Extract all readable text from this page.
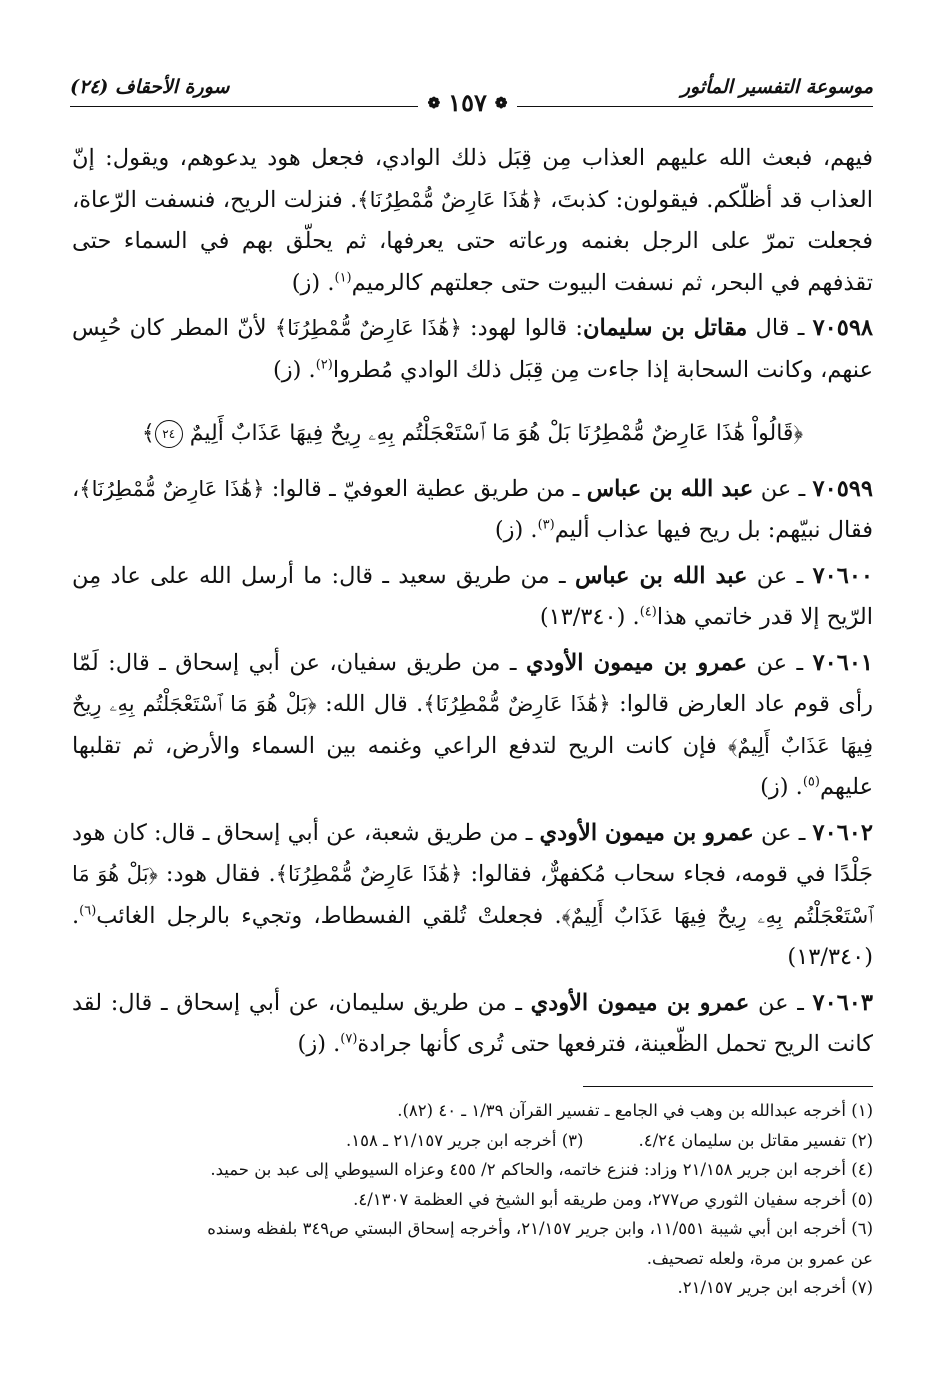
موسوعة التفسير المأثور
سورة الأحقاف (٢٤)
❁
١٥٧
❁

فيهم، فبعث الله عليهم العذاب مِن قِبَل ذلك الوادي، فجعل هود يدعوهم، ويقول: إنّ العذاب قد أظلّكم. فيقولون: كذبتَ، ﴿هَٰذَا عَارِضٌ مُّمْطِرُنَا﴾. فنزلت الريح، فنسفت الرّعاة، فجعلت تمرّ على الرجل بغنمه ورعاته حتى يعرفها، ثم يحلّق بهم في السماء حتى تقذفهم في البحر، ثم نسفت البيوت حتى جعلتهم كالرميم$^{(١)}$. (ز)

٧٠٥٩٨ ـ قال مقاتل بن سليمان: قالوا لهود: ﴿هَٰذَا عَارِضٌ مُّمْطِرُنَا﴾ لأنّ المطر كان حُبِس عنهم، وكانت السحابة إذا جاءت مِن قِبَل ذلك الوادي مُطروا$^{(٢)}$. (ز)

﴿قَالُواْ هَٰذَا عَارِضٌ مُّمْطِرُنَا بَلْ هُوَ مَا ٱسْتَعْجَلْتُم بِهِۦ رِيحٌ فِيهَا عَذَابٌ أَلِيمٌ ٢٤﴾

٧٠٥٩٩ ـ عن عبد الله بن عباس ـ من طريق عطية العوفيّ ـ قالوا: ﴿هَٰذَا عَارِضٌ مُّمْطِرُنَا﴾، فقال نبيّهم: بل ريح فيها عذاب أليم$^{(٣)}$. (ز)

٧٠٦٠٠ ـ عن عبد الله بن عباس ـ من طريق سعيد ـ قال: ما أرسل الله على عاد مِن الرّيح إلا قدر خاتمي هذا$^{(٤)}$. (١٣/٣٤٠)

٧٠٦٠١ ـ عن عمرو بن ميمون الأودي ـ من طريق سفيان، عن أبي إسحاق ـ قال: لَمّا رأى قوم عاد العارض قالوا: ﴿هَٰذَا عَارِضٌ مُّمْطِرُنَا﴾. قال الله: ﴿بَلْ هُوَ مَا ٱسْتَعْجَلْتُم بِهِۦ رِيحٌ فِيهَا عَذَابٌ أَلِيمٌ﴾ فإن كانت الريح لتدفع الراعي وغنمه بين السماء والأرض، ثم تقلبها عليهم$^{(٥)}$. (ز)

٧٠٦٠٢ ـ عن عمرو بن ميمون الأودي ـ من طريق شعبة، عن أبي إسحاق ـ قال: كان هود جَلْدًا في قومه، فجاء سحاب مُكفهرٌّ، فقالوا: ﴿هَٰذَا عَارِضٌ مُّمْطِرُنَا﴾. فقال هود: ﴿بَلْ هُوَ مَا ٱسْتَعْجَلْتُم بِهِۦ رِيحٌ فِيهَا عَذَابٌ أَلِيمٌ﴾. فجعلتْ تُلقي الفسطاط، وتجيء بالرجل الغائب$^{(٦)}$. (١٣/٣٤٠)

٧٠٦٠٣ ـ عن عمرو بن ميمون الأودي ـ من طريق سليمان، عن أبي إسحاق ـ قال: لقد كانت الريح تحمل الظّعينة، فترفعها حتى تُرى كأنها جرادة$^{(٧)}$. (ز)

(١) أخرجه عبدالله بن وهب في الجامع ـ تفسير القرآن ١/٣٩ ـ ٤٠ (٨٢).
(٢) تفسير مقاتل بن سليمان ٤/٢٤.
(٣) أخرجه ابن جرير ٢١/١٥٧ ـ ١٥٨.
(٤) أخرجه ابن جرير ٢١/١٥٨ وزاد: فنزع خاتمه، والحاكم ٢/ ٤٥٥ وعزاه السيوطي إلى عبد بن حميد.
(٥) أخرجه سفيان الثوري ص٢٧٧، ومن طريقه أبو الشيخ في العظمة ٤/١٣٠٧.
(٦) أخرجه ابن أبي شيبة ١١/٥٥١، وابن جرير ٢١/١٥٧، وأخرجه إسحاق البستي ص٣٤٩ بلفظه وسنده
عن عمرو بن مرة، ولعله تصحيف.
(٧) أخرجه ابن جرير ٢١/١٥٧.
